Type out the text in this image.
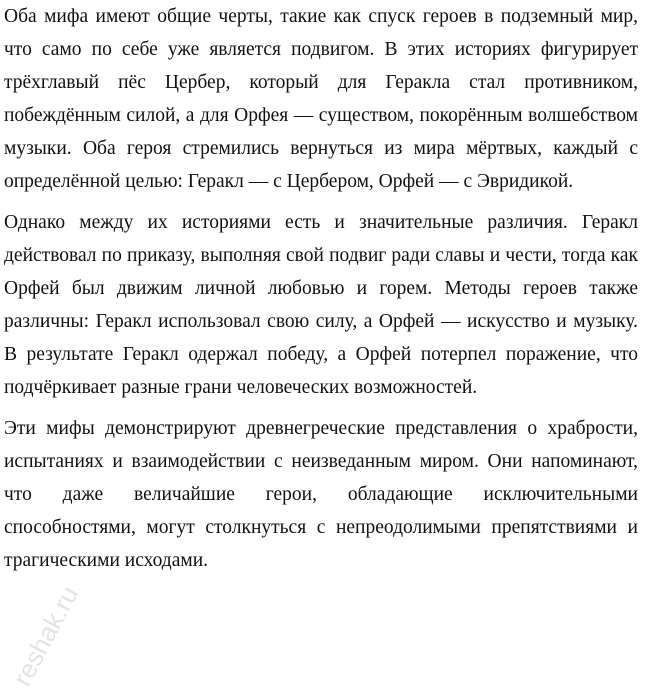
Оба мифа имеют общие черты, такие как спуск героев в подземный мир, что само по себе уже является подвигом. В этих историях фигурирует трёхглавый пёс Цербер, который для Геракла стал противником, побеждённым силой, а для Орфея — существом, покорённым волшебством музыки. Оба героя стремились вернуться из мира мёртвых, каждый с определённой целью: Геракл — с Цербером, Орфей — с Эвридикой.

Однако между их историями есть и значительные различия. Геракл действовал по приказу, выполняя свой подвиг ради славы и чести, тогда как Орфей был движим личной любовью и горем. Методы героев также различны: Геракл использовал свою силу, а Орфей — искусство и музыку. В результате Геракл одержал победу, а Орфей потерпел поражение, что подчёркивает разные грани человеческих возможностей.

Эти мифы демонстрируют древнегреческие представления о храбрости, испытаниях и взаимодействии с неизведанным миром. Они напоминают, что даже величайшие герои, обладающие исключительными способностями, могут столкнуться с непреодолимыми препятствиями и трагическими исходами.

reshak.ru
